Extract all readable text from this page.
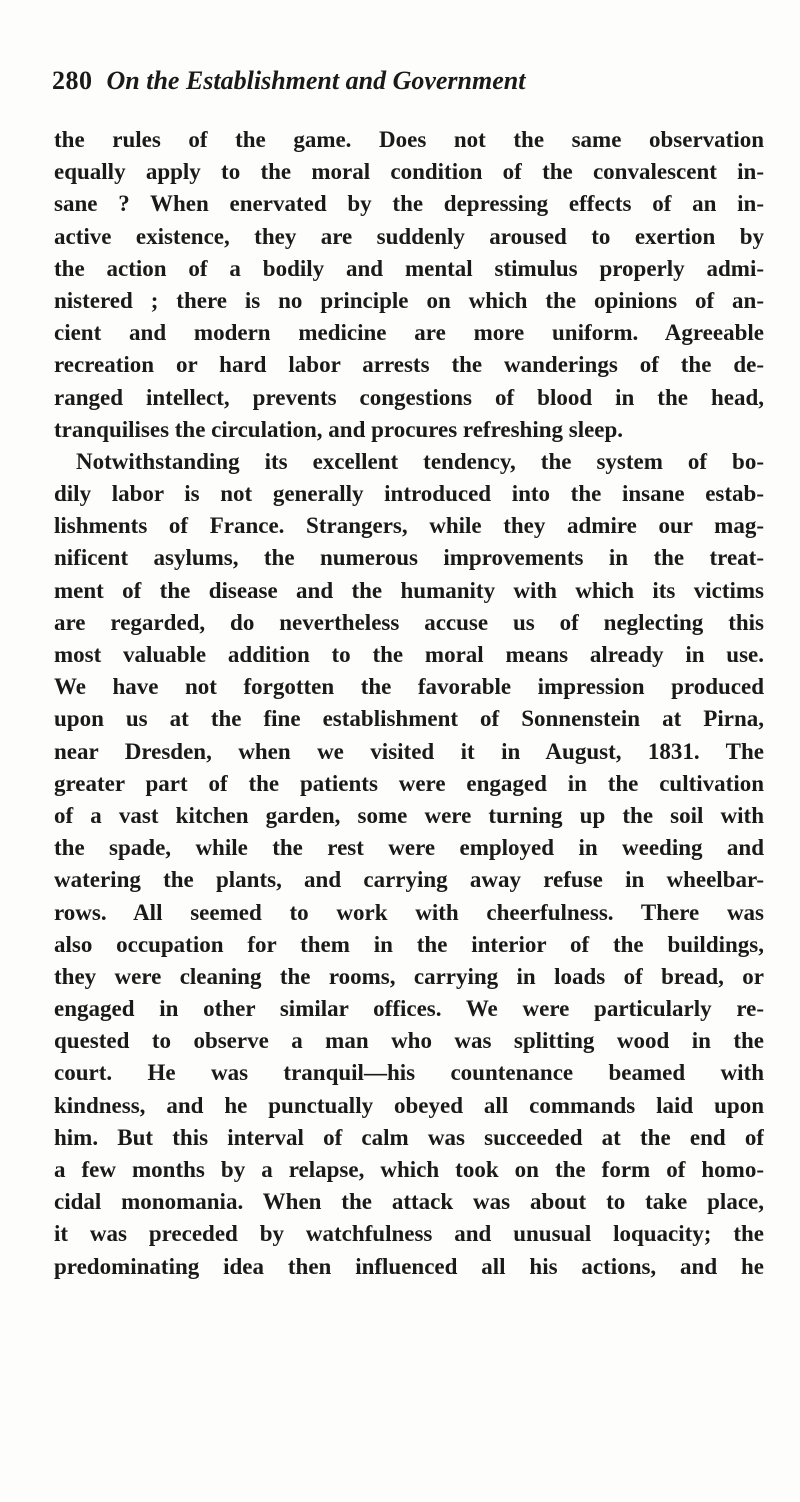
280 On the Establishment and Government
the rules of the game. Does not the same observation
equally apply to the moral condition of the convalescent in-
sane ? When enervated by the depressing effects of an in-
active existence, they are suddenly aroused to exertion by
the action of a bodily and mental stimulus properly admi-
nistered ; there is no principle on which the opinions of an-
cient and modern medicine are more uniform. Agreeable
recreation or hard labor arrests the wanderings of the de-
ranged intellect, prevents congestions of blood in the head,
tranquilises the circulation, and procures refreshing sleep.
Notwithstanding its excellent tendency, the system of bo-
dily labor is not generally introduced into the insane estab-
lishments of France. Strangers, while they admire our mag-
nificent asylums, the numerous improvements in the treat-
ment of the disease and the humanity with which its victims
are regarded, do nevertheless accuse us of neglecting this
most valuable addition to the moral means already in use.
We have not forgotten the favorable impression produced
upon us at the fine establishment of Sonnenstein at Pirna,
near Dresden, when we visited it in August, 1831. The
greater part of the patients were engaged in the cultivation
of a vast kitchen garden, some were turning up the soil with
the spade, while the rest were employed in weeding and
watering the plants, and carrying away refuse in wheelbar-
rows. All seemed to work with cheerfulness. There was
also occupation for them in the interior of the buildings,
they were cleaning the rooms, carrying in loads of bread, or
engaged in other similar offices. We were particularly re-
quested to observe a man who was splitting wood in the
court. He was tranquil—his countenance beamed with
kindness, and he punctually obeyed all commands laid upon
him. But this interval of calm was succeeded at the end of
a few months by a relapse, which took on the form of homo-
cidal monomania. When the attack was about to take place,
it was preceded by watchfulness and unusual loquacity; the
predominating idea then influenced all his actions, and he
